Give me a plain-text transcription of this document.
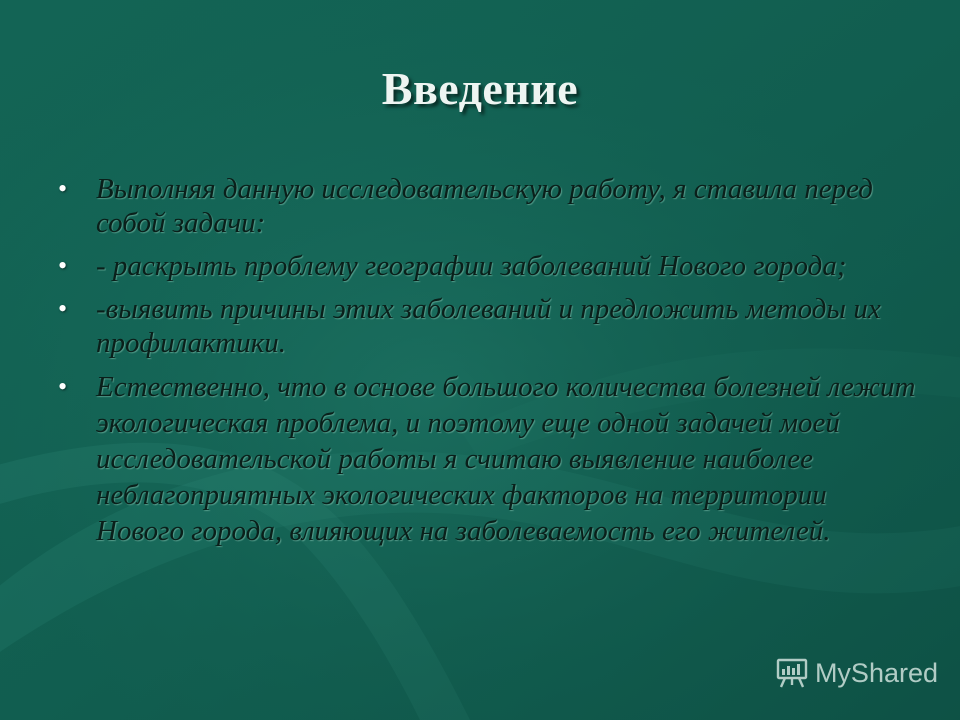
Введение
• Выполняя данную исследовательскую работу, я ставила перед собой задачи:
• - раскрыть проблему географии заболеваний Нового города;
• -выявить причины этих заболеваний и предложить методы их профилактики.
• Естественно, что в основе большого количества болезней лежит экологическая проблема, и поэтому еще одной задачей моей исследовательской работы я считаю выявление наиболее неблагоприятных экологических факторов на территории Нового города, влияющих на заболеваемость его жителей.
MyShared
